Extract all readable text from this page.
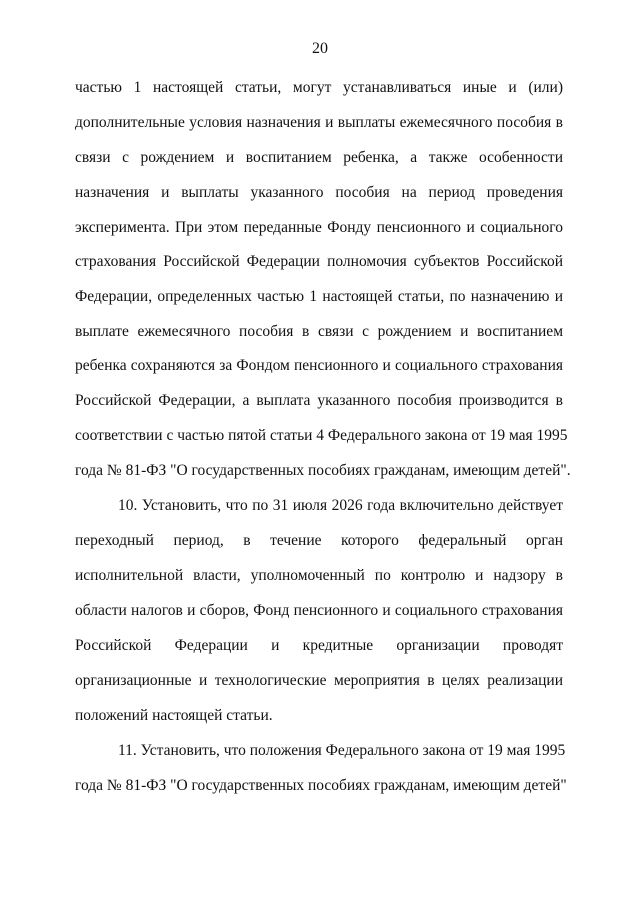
20
частью 1 настоящей статьи, могут устанавливаться иные и (или)
дополнительные условия назначения и выплаты ежемесячного пособия в
связи с рождением и воспитанием ребенка, а также особенности
назначения и выплаты указанного пособия на период проведения
эксперимента. При этом переданные Фонду пенсионного и социального
страхования Российской Федерации полномочия субъектов Российской
Федерации, определенных частью 1 настоящей статьи, по назначению и
выплате ежемесячного пособия в связи с рождением и воспитанием
ребенка сохраняются за Фондом пенсионного и социального страхования
Российской Федерации, а выплата указанного пособия производится в
соответствии с частью пятой статьи 4 Федерального закона от 19 мая 1995
года № 81-ФЗ "О государственных пособиях гражданам, имеющим детей".
10. Установить, что по 31 июля 2026 года включительно действует
переходный период, в течение которого федеральный орган
исполнительной власти, уполномоченный по контролю и надзору в
области налогов и сборов, Фонд пенсионного и социального страхования
Российской Федерации и кредитные организации проводят
организационные и технологические мероприятия в целях реализации
положений настоящей статьи.
11. Установить, что положения Федерального закона от 19 мая 1995
года № 81-ФЗ "О государственных пособиях гражданам, имеющим детей"
